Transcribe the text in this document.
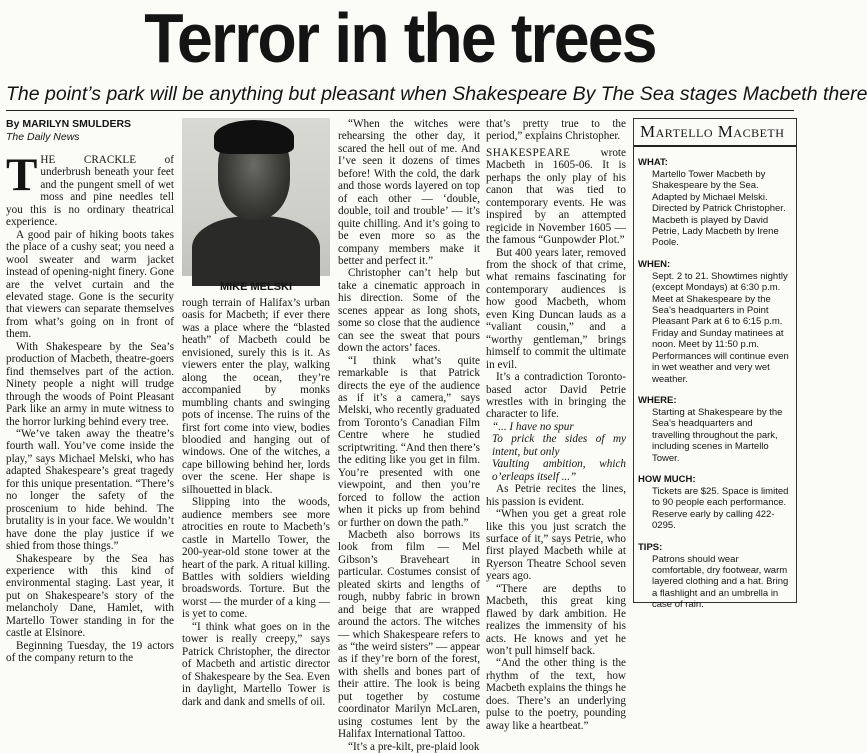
Terror in the trees
The point’s park will be anything but pleasant when Shakespeare By The Sea stages Macbeth there
By MARILYN SMULDERS
The Daily News

THE CRACKLE of underbrush beneath your feet and the pungent smell of wet moss and pine needles tell you this is no ordinary theatrical experience.

A good pair of hiking boots takes the place of a cushy seat; you need a wool sweater and warm jacket instead of opening-night finery. Gone are the velvet curtain and the elevated stage. Gone is the security that viewers can separate themselves from what’s going on in front of them.

With Shakespeare by the Sea’s production of Macbeth, theatre-goers find themselves part of the action. Ninety people a night will trudge through the woods of Point Pleasant Park like an army in mute witness to the horror lurking behind every tree.

“We’ve taken away the theatre’s fourth wall. You’ve come inside the play,” says Michael Melski, who has adapted Shakespeare’s great tragedy for this unique presentation. “There’s no longer the safety of the proscenium to hide behind. The brutality is in your face. We wouldn’t have done the play justice if we shied from those things.”

Shakespeare by the Sea has experience with this kind of environmental staging. Last year, it put on Shakespeare’s story of the melancholy Dane, Hamlet, with Martello Tower standing in for the castle at Elsinore.

Beginning Tuesday, the 19 actors of the company return to the

MIKE MELSKI

rough terrain of Halifax’s urban oasis for Macbeth; if ever there was a place where the “blasted heath” of Macbeth could be envisioned, surely this is it. As viewers enter the play, walking along the ocean, they’re accompanied by monks mumbling chants and swinging pots of incense. The ruins of the first fort come into view, bodies bloodied and hanging out of windows. One of the witches, a cape billowing behind her, lords over the scene. Her shape is silhouetted in black.

Slipping into the woods, audience members see more atrocities en route to Macbeth’s castle in Martello Tower, the 200-year-old stone tower at the heart of the park. A ritual killing. Battles with soldiers wielding broadswords. Torture. But the worst — the murder of a king — is yet to come.

“I think what goes on in the tower is really creepy,” says Patrick Christopher, the director of Macbeth and artistic director of Shakespeare by the Sea. Even in daylight, Martello Tower is dark and dank and smells of oil.

“When the witches were rehearsing the other day, it scared the hell out of me. And I’ve seen it dozens of times before! With the cold, the dark and those words layered on top of each other — ‘double, double, toil and trouble’ — it’s quite chilling. And it’s going to be even more so as the company members make it better and perfect it.”

Christopher can’t help but take a cinematic approach in his direction. Some of the scenes appear as long shots, some so close that the audience can see the sweat that pours down the actors’ faces.

“I think what’s quite remarkable is that Patrick directs the eye of the audience as if it’s a camera,” says Melski, who recently graduated from Toronto’s Canadian Film Centre where he studied scriptwriting. “And then there’s the editing like you get in film. You’re presented with one viewpoint, and then you’re forced to follow the action when it picks up from behind or further on down the path.”

Macbeth also borrows its look from film — Mel Gibson’s Braveheart in particular. Costumes consist of pleated skirts and lengths of rough, nubby fabric in brown and beige that are wrapped around the actors. The witches — which Shakespeare refers to as “the weird sisters” — appear as if they’re born of the forest, with shells and bones part of their attire. The look is being put together by costume coordinator Marilyn McLaren, using costumes lent by the Halifax International Tattoo.

“It’s a pre-kilt, pre-plaid look

that’s pretty true to the period,” explains Christopher.

SHAKESPEARE wrote Macbeth in 1605-06. It is perhaps the only play of his canon that was tied to contemporary events. He was inspired by an attempted regicide in November 1605 — the famous “Gunpowder Plot.”

But 400 years later, removed from the shock of that crime, what remains fascinating for contemporary audiences is how good Macbeth, whom even King Duncan lauds as a “valiant cousin,” and a “worthy gentleman,” brings himself to commit the ultimate in evil.

It’s a contradiction Toronto-based actor David Petrie wrestles with in bringing the character to life.

“... I have no spur

To prick the sides of my intent, but only

Vaulting ambition, which o’erleaps itself ...”

As Petrie recites the lines, his passion is evident.

“When you get a great role like this you just scratch the surface of it,” says Petrie, who first played Macbeth while at Ryerson Theatre School seven years ago.

“There are depths to Macbeth, this great king flawed by dark ambition. He realizes the immensity of his acts. He knows and yet he won’t pull himself back.

“And the other thing is the rhythm of the text, how Macbeth explains the things he does. There’s an underlying pulse to the poetry, pounding away like a heartbeat.”

Martello Macbeth
WHAT:
Martello Tower Macbeth by Shakespeare by the Sea. Adapted by Michael Melski. Directed by Patrick Christopher. Macbeth is played by David Petrie, Lady Macbeth by Irene Poole.
WHEN:
Sept. 2 to 21. Showtimes nightly (except Mondays) at 6:30 p.m. Meet at Shakespeare by the Sea’s headquarters in Point Pleasant Park at 6 to 6:15 p.m. Friday and Sunday matinees at noon. Meet by 11:50 p.m. Performances will continue even in wet weather and very wet weather.
WHERE:
Starting at Shakespeare by the Sea’s headquarters and travelling throughout the park, including scenes in Martello Tower.
HOW MUCH:
Tickets are $25. Space is limited to 90 people each performance. Reserve early by calling 422-0295.
TIPS:
Patrons should wear comfortable, dry footwear, warm layered clothing and a hat. Bring a flashlight and an umbrella in case of rain.
